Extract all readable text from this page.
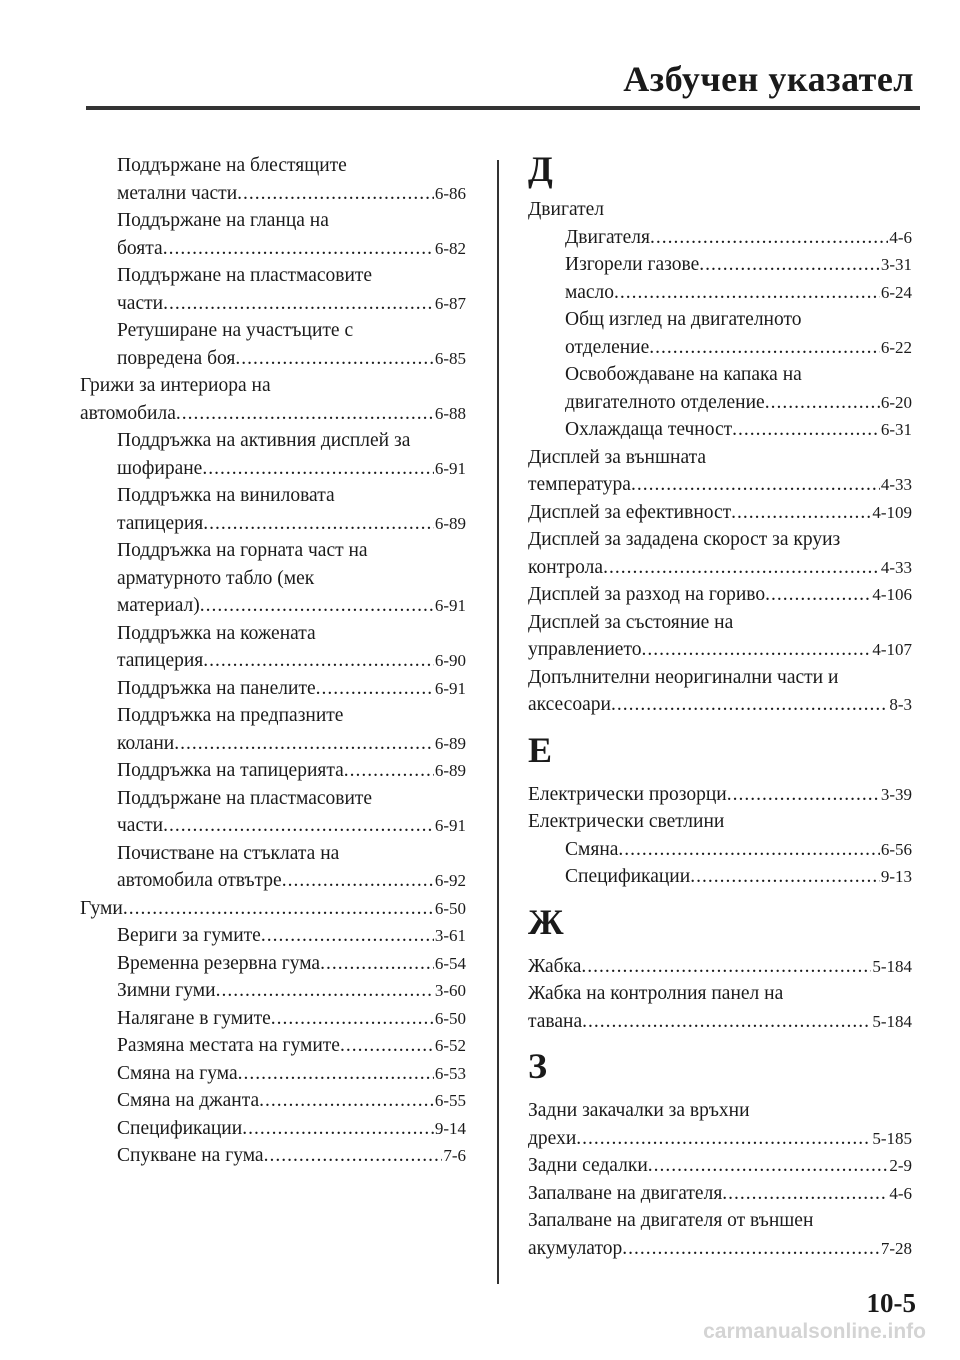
Азбучен указател
Поддържане на блестящите
метални части .....	6-86
Поддържане на гланца на
боята .....	6-82
Поддържане на пластмасовите
части .....	6-87
Ретуширане на участъците с
повредена боя .....	6-85
Грижи за интериора на
автомобила .....	6-88
Поддръжка на активния дисплей за
шофиране .....	6-91
Поддръжка на виниловата
тапицерия .....	6-89
Поддръжка на горната част на
арматурното табло (мек
материал) .....	6-91
Поддръжка на кожената
тапицерия .....	6-90
Поддръжка на панелите .....	6-91
Поддръжка на предпазните
колани .....	6-89
Поддръжка на тапицерията .....	6-89
Поддържане на пластмасовите
части .....	6-91
Почистване на стъклата на
автомобила отвътре .....	6-92
Гуми .....	6-50
Вериги за гумите .....	3-61
Временна резервна гума .....	6-54
Зимни гуми .....	3-60
Налягане в гумите .....	6-50
Размяна местата на гумите .....	6-52
Смяна на гума .....	6-53
Смяна на джанта .....	6-55
Спецификации .....	9-14
Спукване на гума .....	7-6
Д
Двигател
Двигателя .....	4-6
Изгорели газове .....	3-31
масло .....	6-24
Общ изглед на двигателното
отделение .....	6-22
Освобождаване на капака на
двигателното отделение .....	6-20
Охлаждаща течност .....	6-31
Дисплей за външната
температура .....	4-33
Дисплей за ефективност .....	4-109
Дисплей за зададена скорост за круиз
контрола .....	4-33
Дисплей за разход на гориво .....	4-106
Дисплей за състояние на
управлението .....	4-107
Допълнителни неоригинални части и
аксесоари .....	8-3
Е
Електрически прозорци .....	3-39
Електрически светлини
Смяна .....	6-56
Спецификации .....	9-13
Ж
Жабка .....	5-184
Жабка на контролния панел на
тавана .....	5-184
З
Задни закачалки за връхни
дрехи .....	5-185
Задни седалки .....	2-9
Запалване на двигателя .....	4-6
Запалване на двигателя от външен
акумулатор .....	7-28
10-5
carmanualsonline.info
